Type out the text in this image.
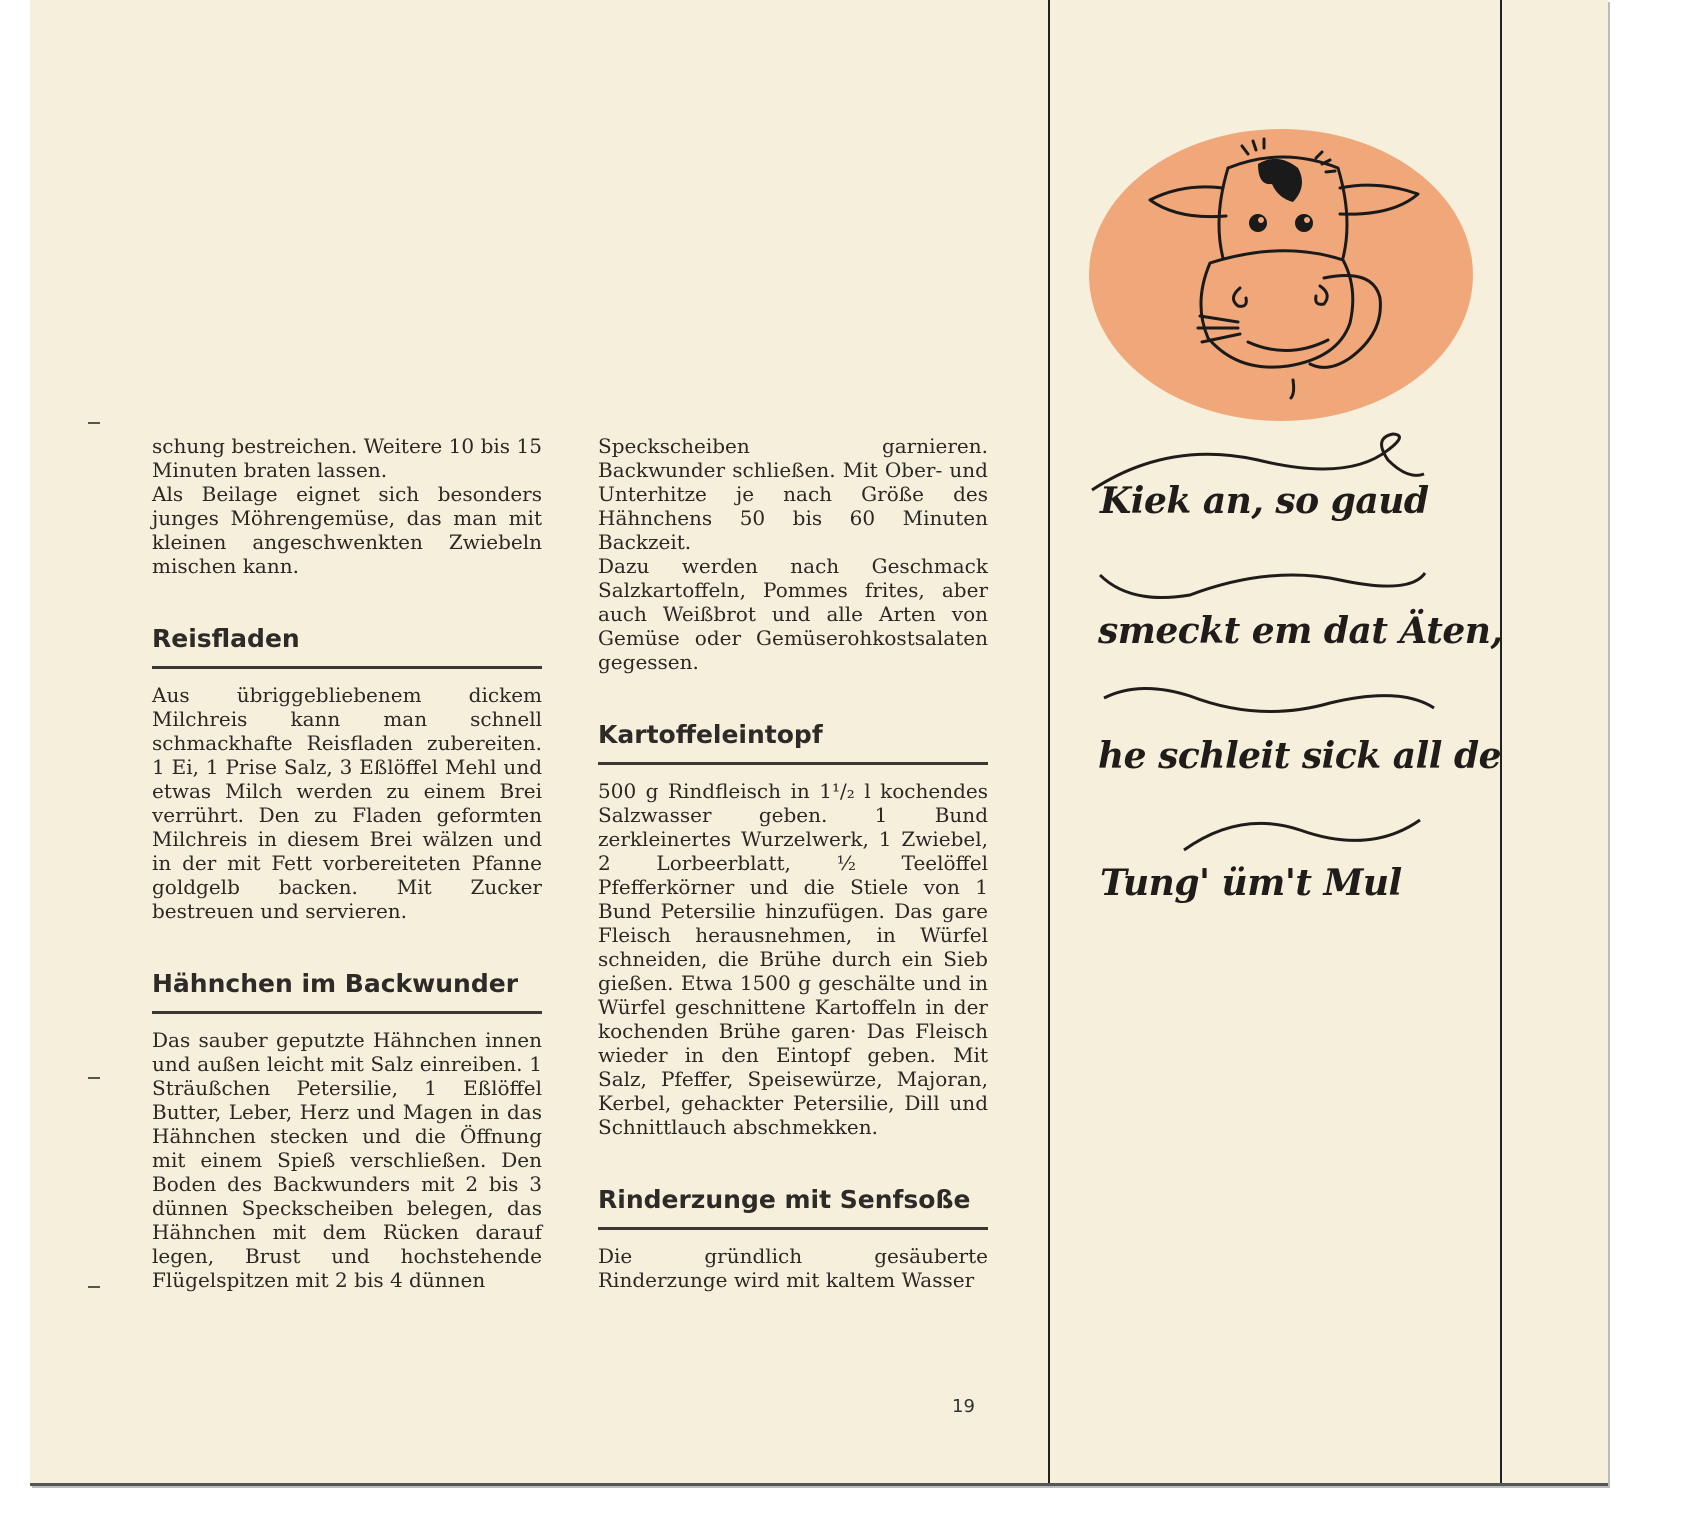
schung bestreichen. Weitere 10 bis 15 Minuten braten lassen.

Als Beilage eignet sich besonders junges Möhrengemüse, das man mit kleinen angeschwenkten Zwiebeln mischen kann.

Reisfladen

Aus übriggebliebenem dickem Milchreis kann man schnell schmackhafte Reisfladen zubereiten. 1 Ei, 1 Prise Salz, 3 Eßlöffel Mehl und etwas Milch werden zu einem Brei verrührt. Den zu Fladen geformten Milchreis in diesem Brei wälzen und in der mit Fett vorbereiteten Pfanne goldgelb backen. Mit Zucker bestreuen und servieren.

Hähnchen im Backwunder

Das sauber geputzte Hähnchen innen und außen leicht mit Salz einreiben. 1 Sträußchen Petersilie, 1 Eßlöffel Butter, Leber, Herz und Magen in das Hähnchen stecken und die Öffnung mit einem Spieß verschließen. Den Boden des Backwunders mit 2 bis 3 dünnen Speckscheiben belegen, das Hähnchen mit dem Rücken darauf legen, Brust und hochstehende Flügelspitzen mit 2 bis 4 dünnen

Speckscheiben garnieren. Backwunder schließen. Mit Ober- und Unterhitze je nach Größe des Hähnchens 50 bis 60 Minuten Backzeit.

Dazu werden nach Geschmack Salzkartoffeln, Pommes frites, aber auch Weißbrot und alle Arten von Gemüse oder Gemüserohkostsalaten gegessen.

Kartoffeleintopf

500 g Rindfleisch in 1¹/₂ l kochendes Salzwasser geben. 1 Bund zerkleinertes Wurzelwerk, 1 Zwiebel, 2 Lorbeerblatt, ½ Teelöffel Pfefferkörner und die Stiele von 1 Bund Petersilie hinzufügen. Das gare Fleisch herausnehmen, in Würfel schneiden, die Brühe durch ein Sieb gießen. Etwa 1500 g geschälte und in Würfel geschnittene Kartoffeln in der kochenden Brühe garen· Das Fleisch wieder in den Eintopf geben. Mit Salz, Pfeffer, Speisewürze, Majoran, Kerbel, gehackter Petersilie, Dill und Schnittlauch abschmekken.

Rinderzunge mit Senfsoße

Die gründlich gesäuberte Rinderzunge wird mit kaltem Wasser

19
Kiek an, so gaud
smeckt em dat Äten,
he schleit sick all de
Tung' üm't Mul
